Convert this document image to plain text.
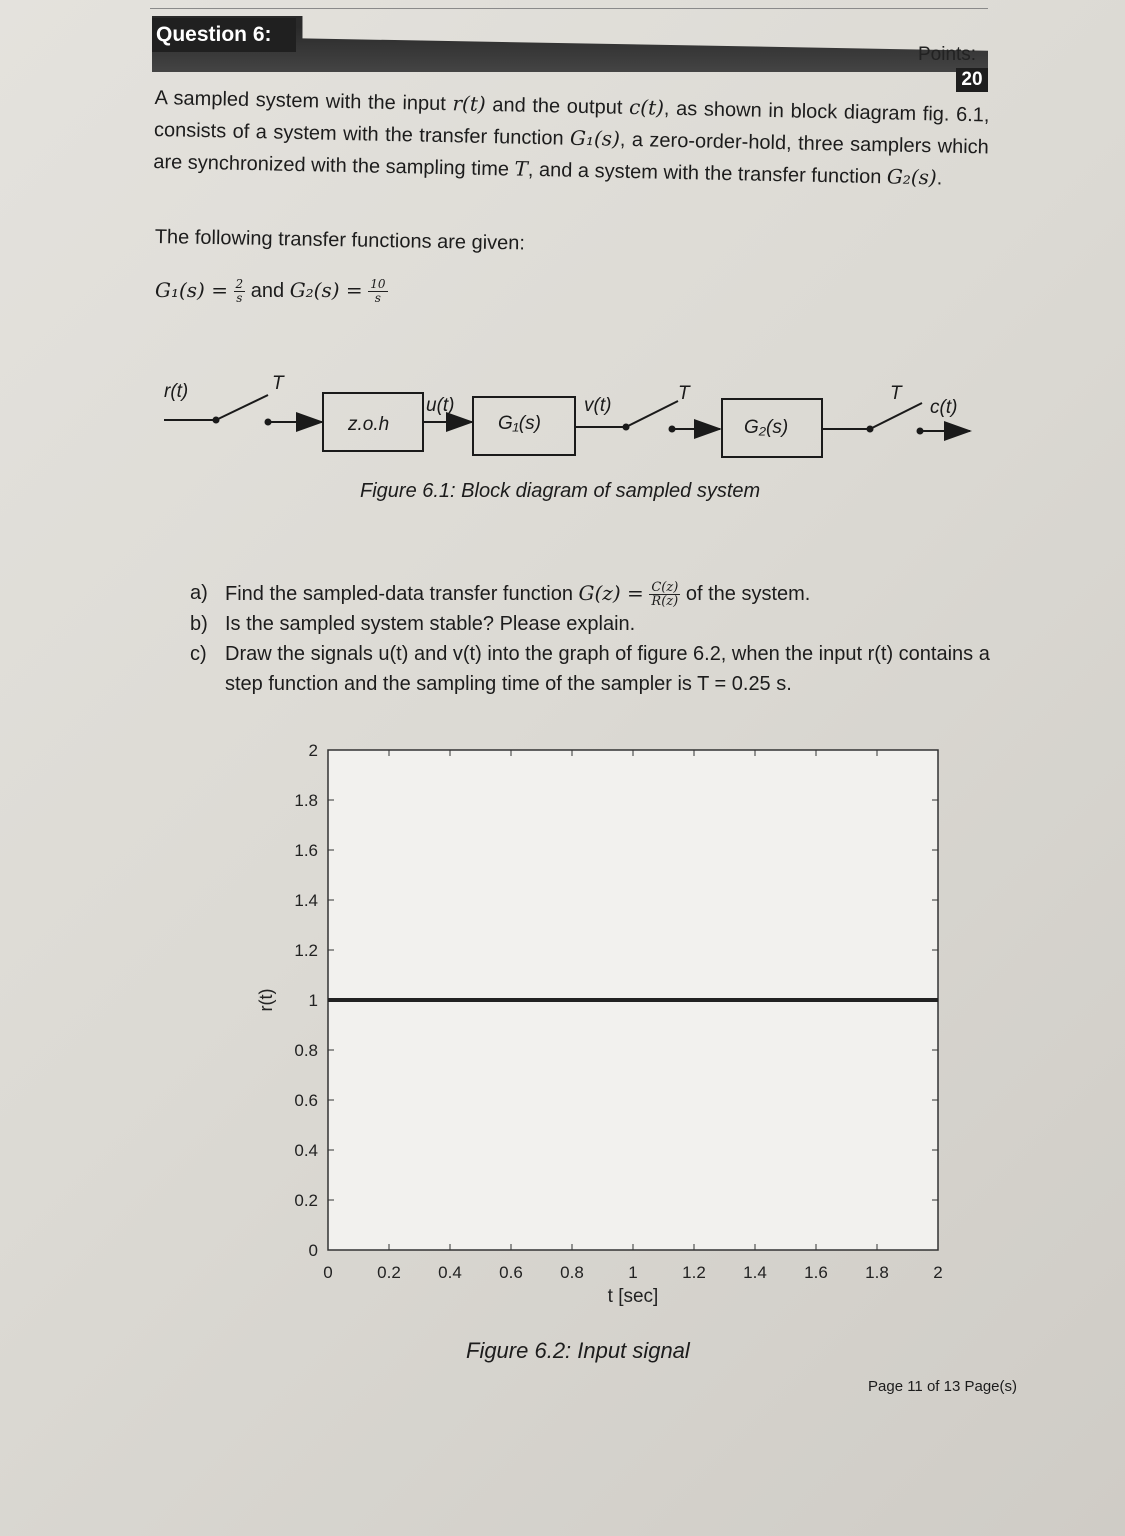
Question 6:
Points:
20
A sampled system with the input r(t) and the output c(t), as shown in block diagram fig. 6.1, consists of a system with the transfer function G₁(s), a zero-order-hold, three samplers which are synchronized with the sampling time T, and a system with the transfer function G₂(s).
The following transfer functions are given:
$G_1(s) = \frac{2}{s}$ and $G_2(s) = \frac{10}{s}$
r(t)	T
z.o.h
u(t)
G₁(s)
v(t)
T
G₂(s)
T
c(t)
Figure 6.1: Block diagram of sampled system
a) Find the sampled-data transfer function $G(z) = \frac{C(z)}{R(z)}$ of the system.
b) Is the sampled system stable? Please explain.
c) Draw the signals u(t) and v(t) into the graph of figure 6.2, when the input r(t) contains a step function and the sampling time of the sampler is T = 0.25 s.
0	0.2 0.4 0.6 0.8	1	1.2 1.4 1.6 1.8	2
0
0.2
0.4
0.6
0.8
1
1.2
1.4
1.6
1.8
2
t [sec]
r(t)
Figure 6.2: Input signal
Page 11 of 13 Page(s)
